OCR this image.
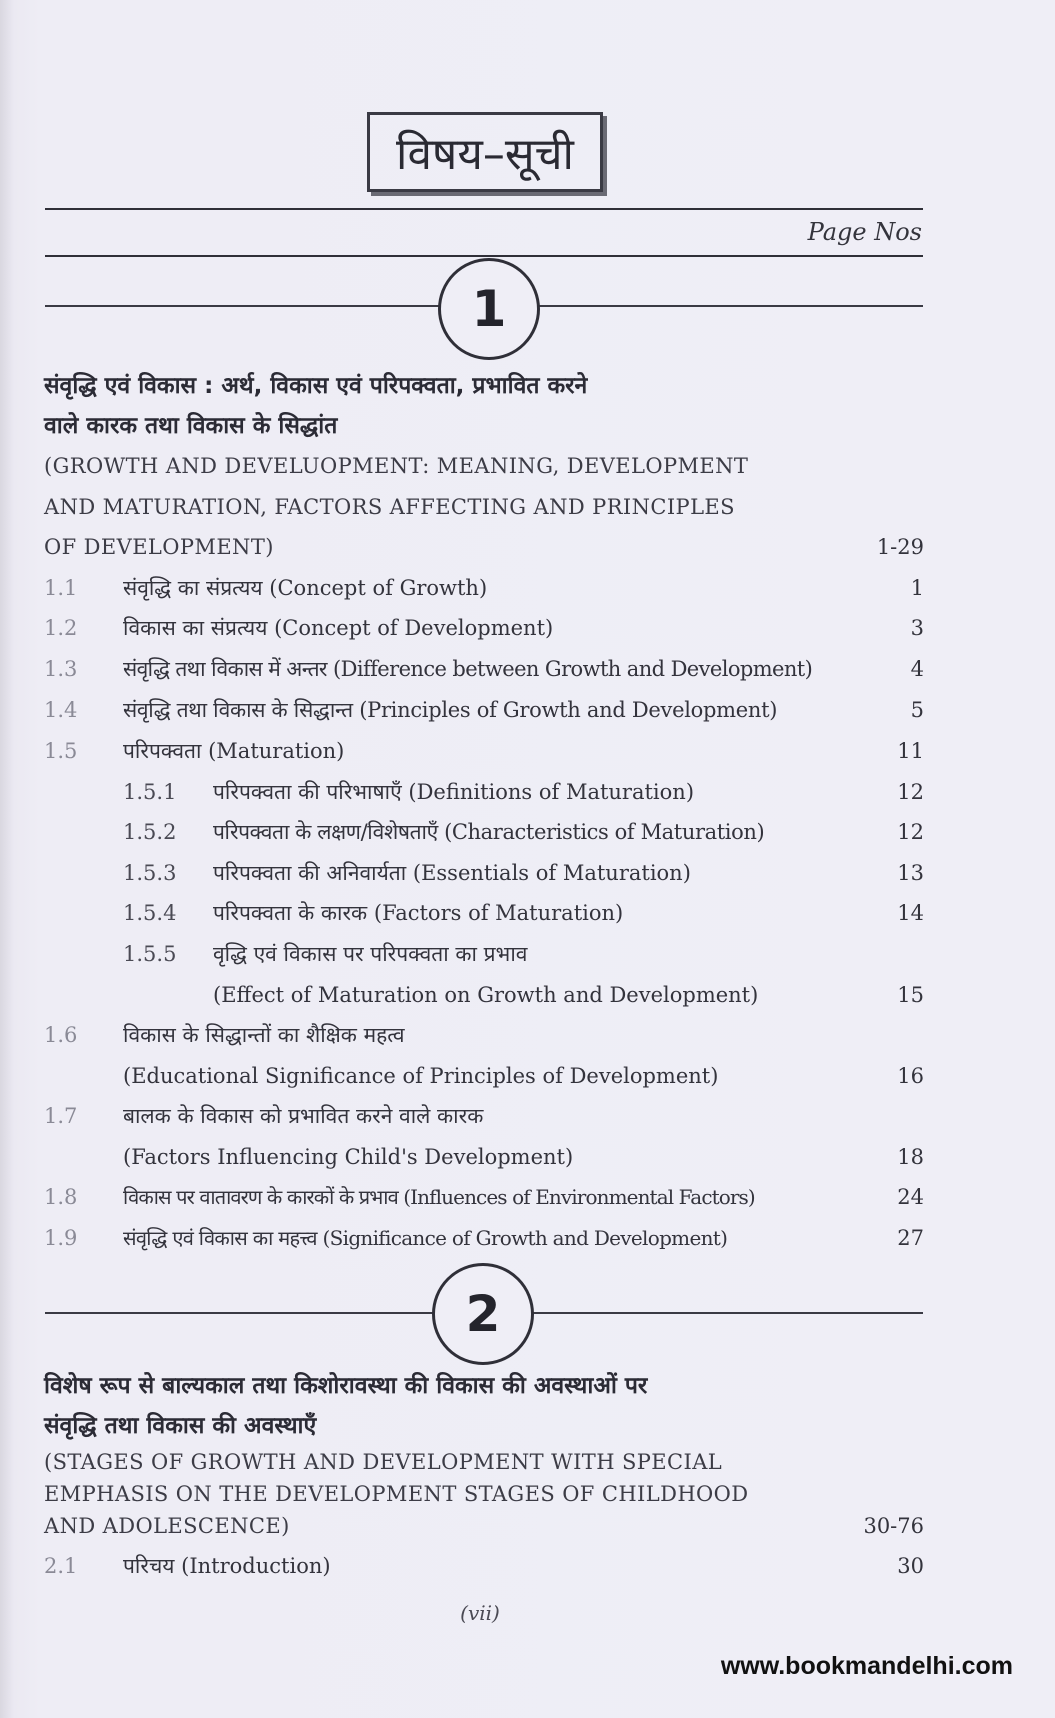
विषय–सूची
Page Nos
1
संवृद्धि एवं विकास : अर्थ, विकास एवं परिपक्वता, प्रभावित करने
वाले कारक तथा विकास के सिद्धांत
(GROWTH AND DEVELUOPMENT: MEANING, DEVELOPMENT
AND MATURATION, FACTORS AFFECTING AND PRINCIPLES
OF DEVELOPMENT)	1-29
1.1 संवृद्धि का संप्रत्यय (Concept of Growth)	1
1.2 विकास का संप्रत्यय (Concept of Development)	3
1.3 संवृद्धि तथा विकास में अन्तर (Difference between Growth and Development)	4
1.4 संवृद्धि तथा विकास के सिद्धान्त (Principles of Growth and Development)	5
1.5 परिपक्वता (Maturation)	11
1.5.1 परिपक्वता की परिभाषाएँ (Definitions of Maturation)	12
1.5.2 परिपक्वता के लक्षण/विशेषताएँ (Characteristics of Maturation)	12
1.5.3 परिपक्वता की अनिवार्यता (Essentials of Maturation)	13
1.5.4 परिपक्वता के कारक (Factors of Maturation)	14
1.5.5 वृद्धि एवं विकास पर परिपक्वता का प्रभाव
(Effect of Maturation on Growth and Development)	15
1.6 विकास के सिद्धान्तों का शैक्षिक महत्व
(Educational Significance of Principles of Development)	16
1.7 बालक के विकास को प्रभावित करने वाले कारक
(Factors Influencing Child's Development)	18
1.8 विकास पर वातावरण के कारकों के प्रभाव (Influences of Environmental Factors)	24
1.9 संवृद्धि एवं विकास का महत्त्व (Significance of Growth and Development)	27
2
विशेष रूप से बाल्यकाल तथा किशोरावस्था की विकास की अवस्थाओं पर
संवृद्धि तथा विकास की अवस्थाएँ
(STAGES OF GROWTH AND DEVELOPMENT WITH SPECIAL
EMPHASIS ON THE DEVELOPMENT STAGES OF CHILDHOOD
AND ADOLESCENCE)	30-76
2.1 परिचय (Introduction)	30
(vii)
www.bookmandelhi.com
